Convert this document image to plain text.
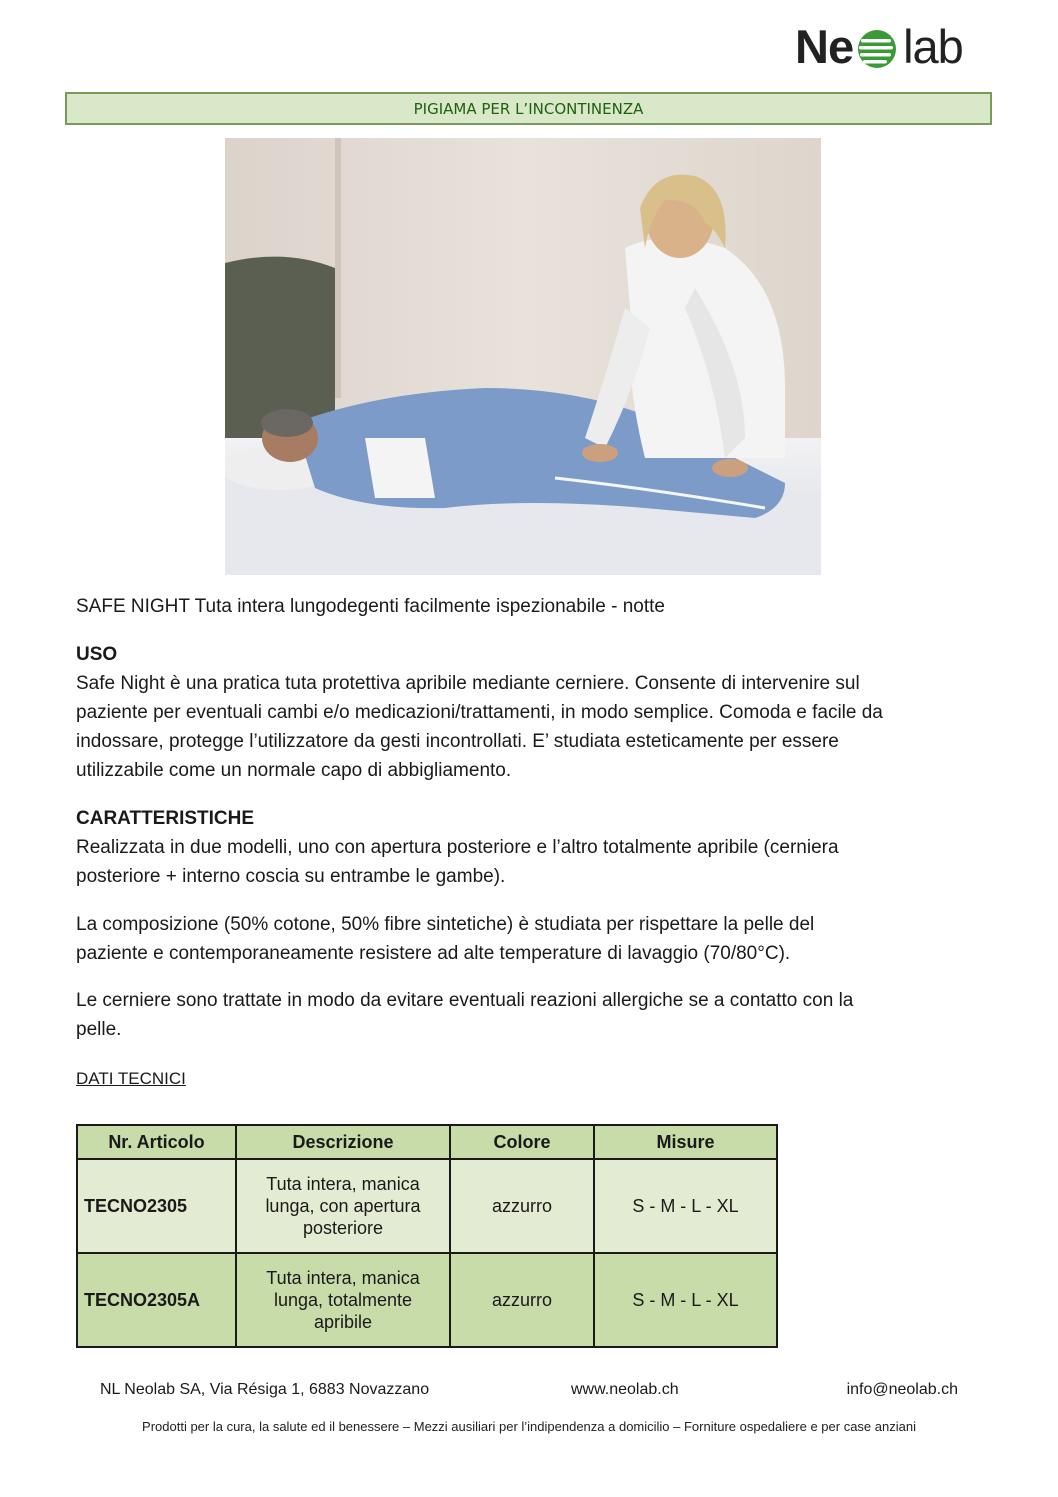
Ne lab
PIGIAMA PER L’INCONTINENZA

SAFE NIGHT Tuta intera lungodegenti facilmente ispezionabile - notte

USO

Safe Night è una pratica tuta protettiva apribile mediante cerniere. Consente di intervenire sul
paziente per eventuali cambi e/o medicazioni/trattamenti, in modo semplice. Comoda e facile da
indossare, protegge l’utilizzatore da gesti incontrollati. E’ studiata esteticamente per essere
utilizzabile come un normale capo di abbigliamento.

CARATTERISTICHE

Realizzata in due modelli, uno con apertura posteriore e l’altro totalmente apribile (cerniera
posteriore + interno coscia su entrambe le gambe).

La composizione (50% cotone, 50% fibre sintetiche) è studiata per rispettare la pelle del
paziente e contemporaneamente resistere ad alte temperature di lavaggio (70/80°C).

Le cerniere sono trattate in modo da evitare eventuali reazioni allergiche se a contatto con la
pelle.

DATI TECNICI

Nr. Articolo	Descrizione	Colore	Misure
TECNO2305	Tuta intera, manica
lunga, con apertura
posteriore	azzurro	S - M - L - XL
TECNO2305A	Tuta intera, manica
lunga, totalmente
apribile	azzurro	S - M - L - XL
NL Neolab SA, Via Résiga 1, 6883 Novazzano	www.neolab.ch	info@neolab.ch
Prodotti per la cura, la salute ed il benessere – Mezzi ausiliari per l’indipendenza a domicilio – Forniture ospedaliere e per case anziani
